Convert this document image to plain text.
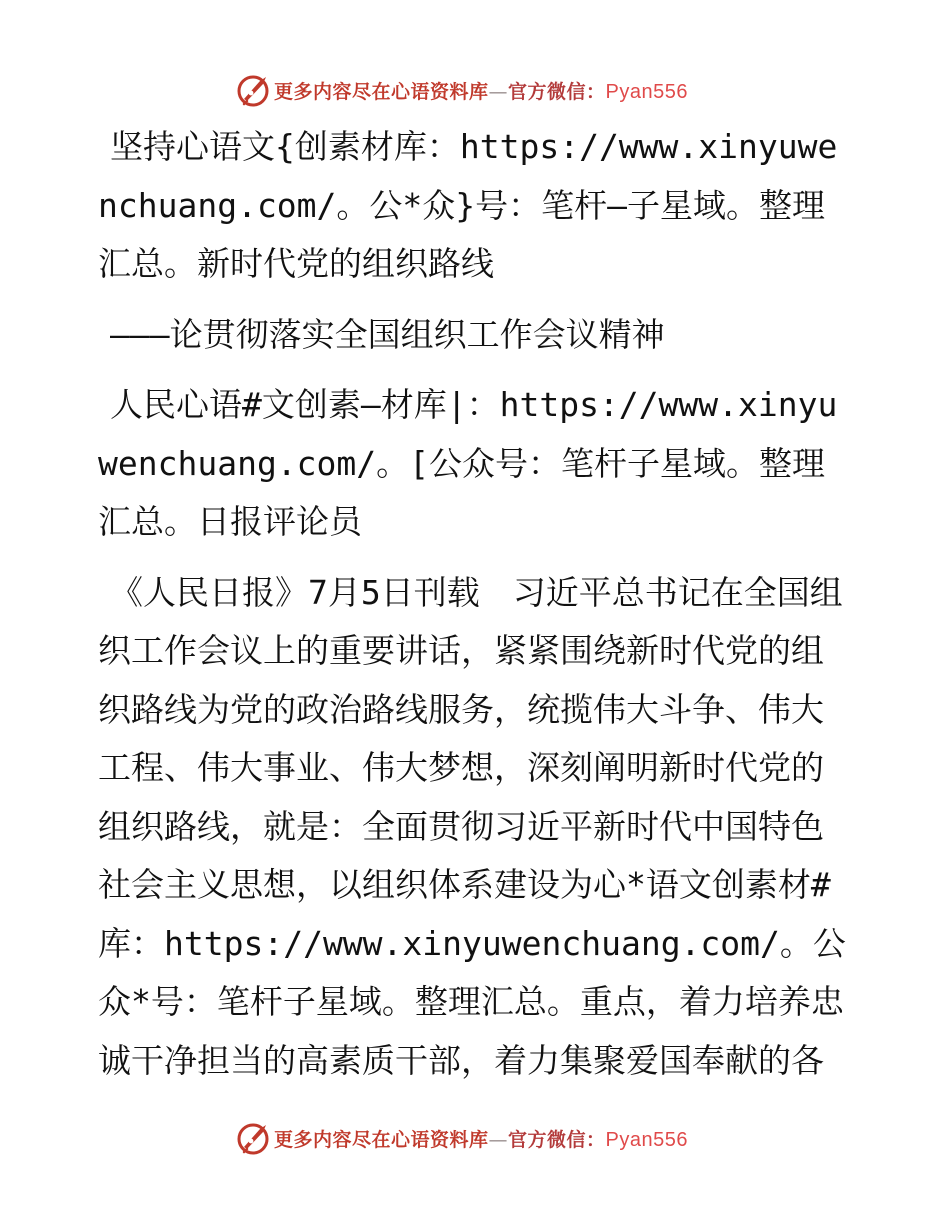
更多内容尽在心语资料库—官方微信：Pyan556

坚持心语文{创素材库：https://www.xinyuwenchuang.com/。公*众}号：笔杆—子星域。整理汇总。新时代党的组织路线

———论贯彻落实全国组织工作会议精神

人民心语#文创素—材库|：https://www.xinyuwenchuang.com/。[公众号：笔杆子星域。整理汇总。日报评论员

《人民日报》7月5日刊载　习近平总书记在全国组织工作会议上的重要讲话，紧紧围绕新时代党的组织路线为党的政治路线服务，统揽伟大斗争、伟大工程、伟大事业、伟大梦想，深刻阐明新时代党的组织路线，就是：全面贯彻习近平新时代中国特色社会主义思想，以组织体系建设为心*语文创素材#库：https://www.xinyuwenchuang.com/。公众*号：笔杆子星域。整理汇总。重点，着力培养忠诚干净担当的高素质干部，着力集聚爱国奉献的各

更多内容尽在心语资料库—官方微信：Pyan556
